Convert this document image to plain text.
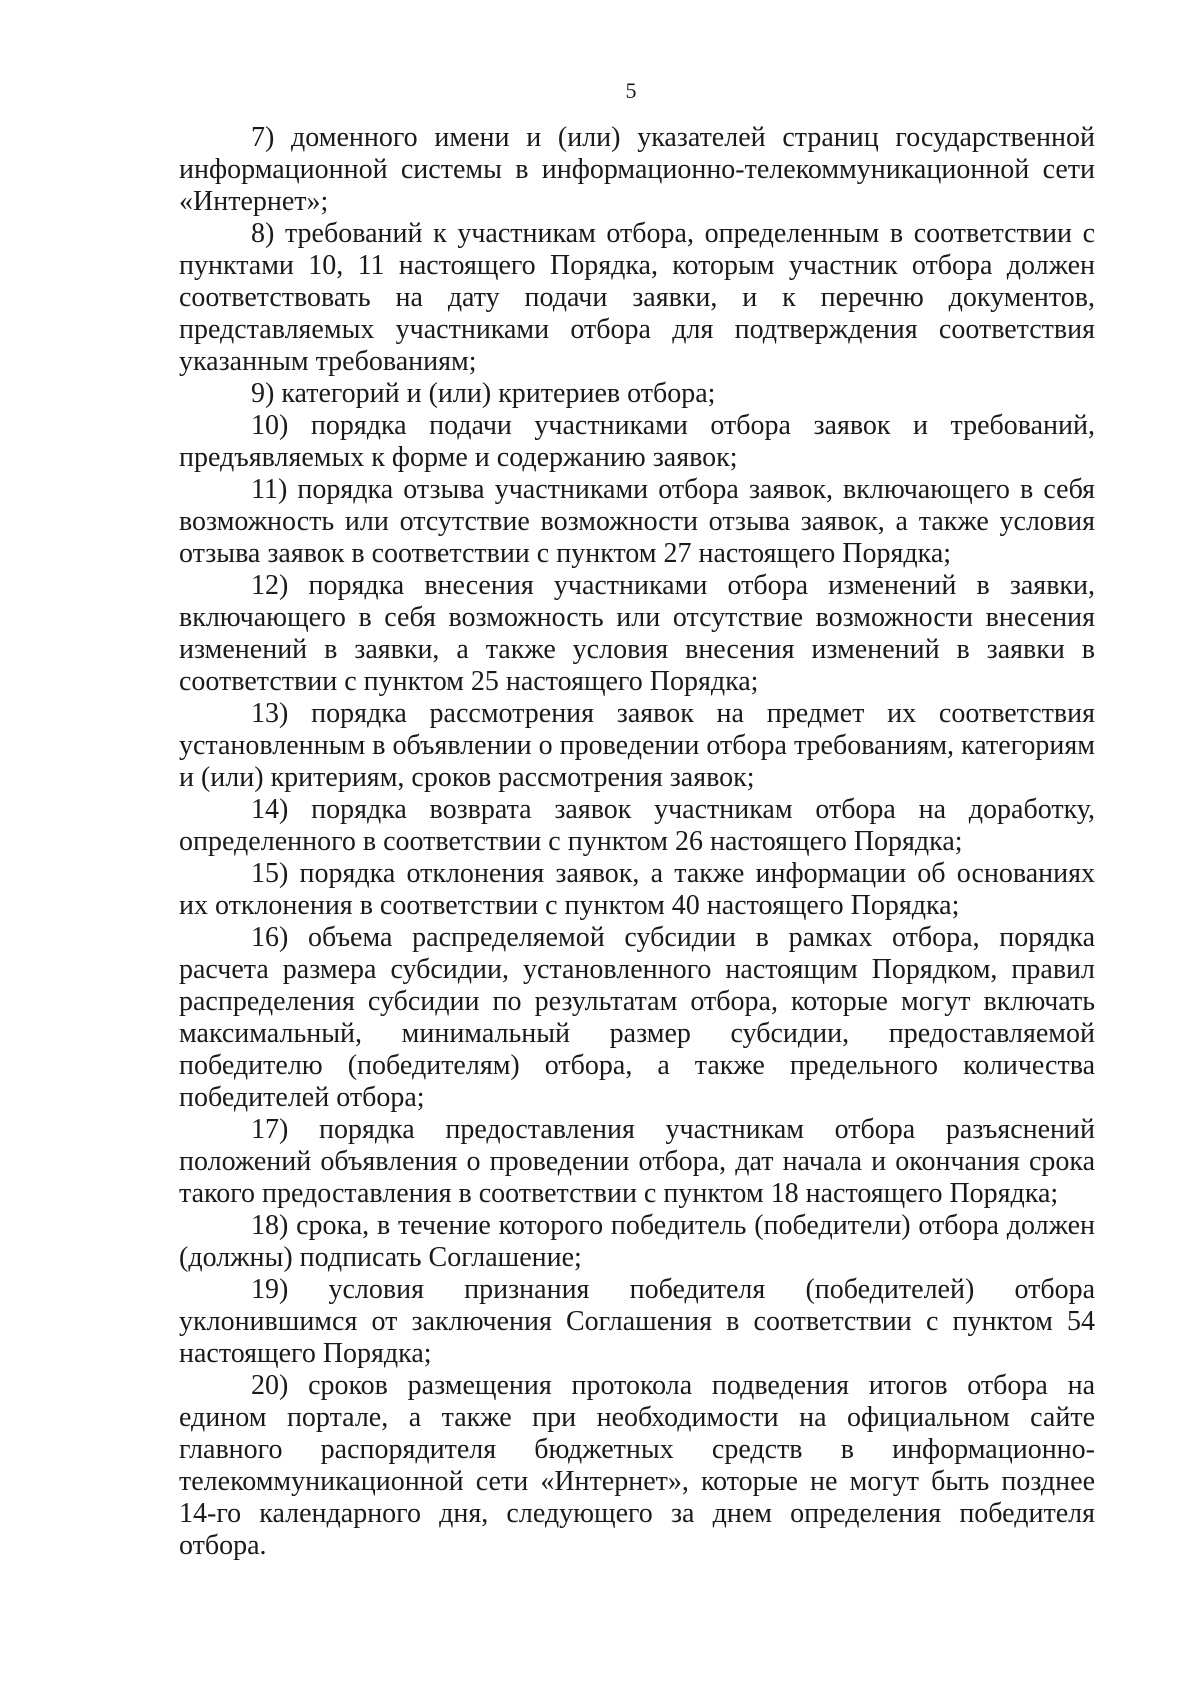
5

7) доменного имени и (или) указателей страниц государственной информационной системы в информационно-телекоммуникационной сети «Интернет»;

8) требований к участникам отбора, определенным в соответствии с пунктами 10, 11 настоящего Порядка, которым участник отбора должен соответствовать на дату подачи заявки, и к перечню документов, представляемых участниками отбора для подтверждения соответствия указанным требованиям;

9) категорий и (или) критериев отбора;

10) порядка подачи участниками отбора заявок и требований, предъявляемых к форме и содержанию заявок;

11) порядка отзыва участниками отбора заявок, включающего в себя возможность или отсутствие возможности отзыва заявок, а также условия отзыва заявок в соответствии с пунктом 27 настоящего Порядка;

12) порядка внесения участниками отбора изменений в заявки, включающего в себя возможность или отсутствие возможности внесения изменений в заявки, а также условия внесения изменений в заявки в соответствии с пунктом 25 настоящего Порядка;

13) порядка рассмотрения заявок на предмет их соответствия установленным в объявлении о проведении отбора требованиям, категориям и (или) критериям, сроков рассмотрения заявок;

14) порядка возврата заявок участникам отбора на доработку, определенного в соответствии с пунктом 26 настоящего Порядка;

15) порядка отклонения заявок, а также информации об основаниях их отклонения в соответствии с пунктом 40 настоящего Порядка;

16) объема распределяемой субсидии в рамках отбора, порядка расчета размера субсидии, установленного настоящим Порядком, правил распределения субсидии по результатам отбора, которые могут включать максимальный, минимальный размер субсидии, предоставляемой победителю (победителям) отбора, а также предельного количества победителей отбора;

17) порядка предоставления участникам отбора разъяснений положений объявления о проведении отбора, дат начала и окончания срока такого предоставления в соответствии с пунктом 18 настоящего Порядка;

18) срока, в течение которого победитель (победители) отбора должен (должны) подписать Соглашение;

19) условия признания победителя (победителей) отбора уклонившимся от заключения Соглашения в соответствии с пунктом 54 настоящего Порядка;

20) сроков размещения протокола подведения итогов отбора на едином портале, а также при необходимости на официальном сайте главного распорядителя бюджетных средств в информационно-телекоммуникационной сети «Интернет», которые не могут быть позднее 14-го календарного дня, следующего за днем определения победителя отбора.
